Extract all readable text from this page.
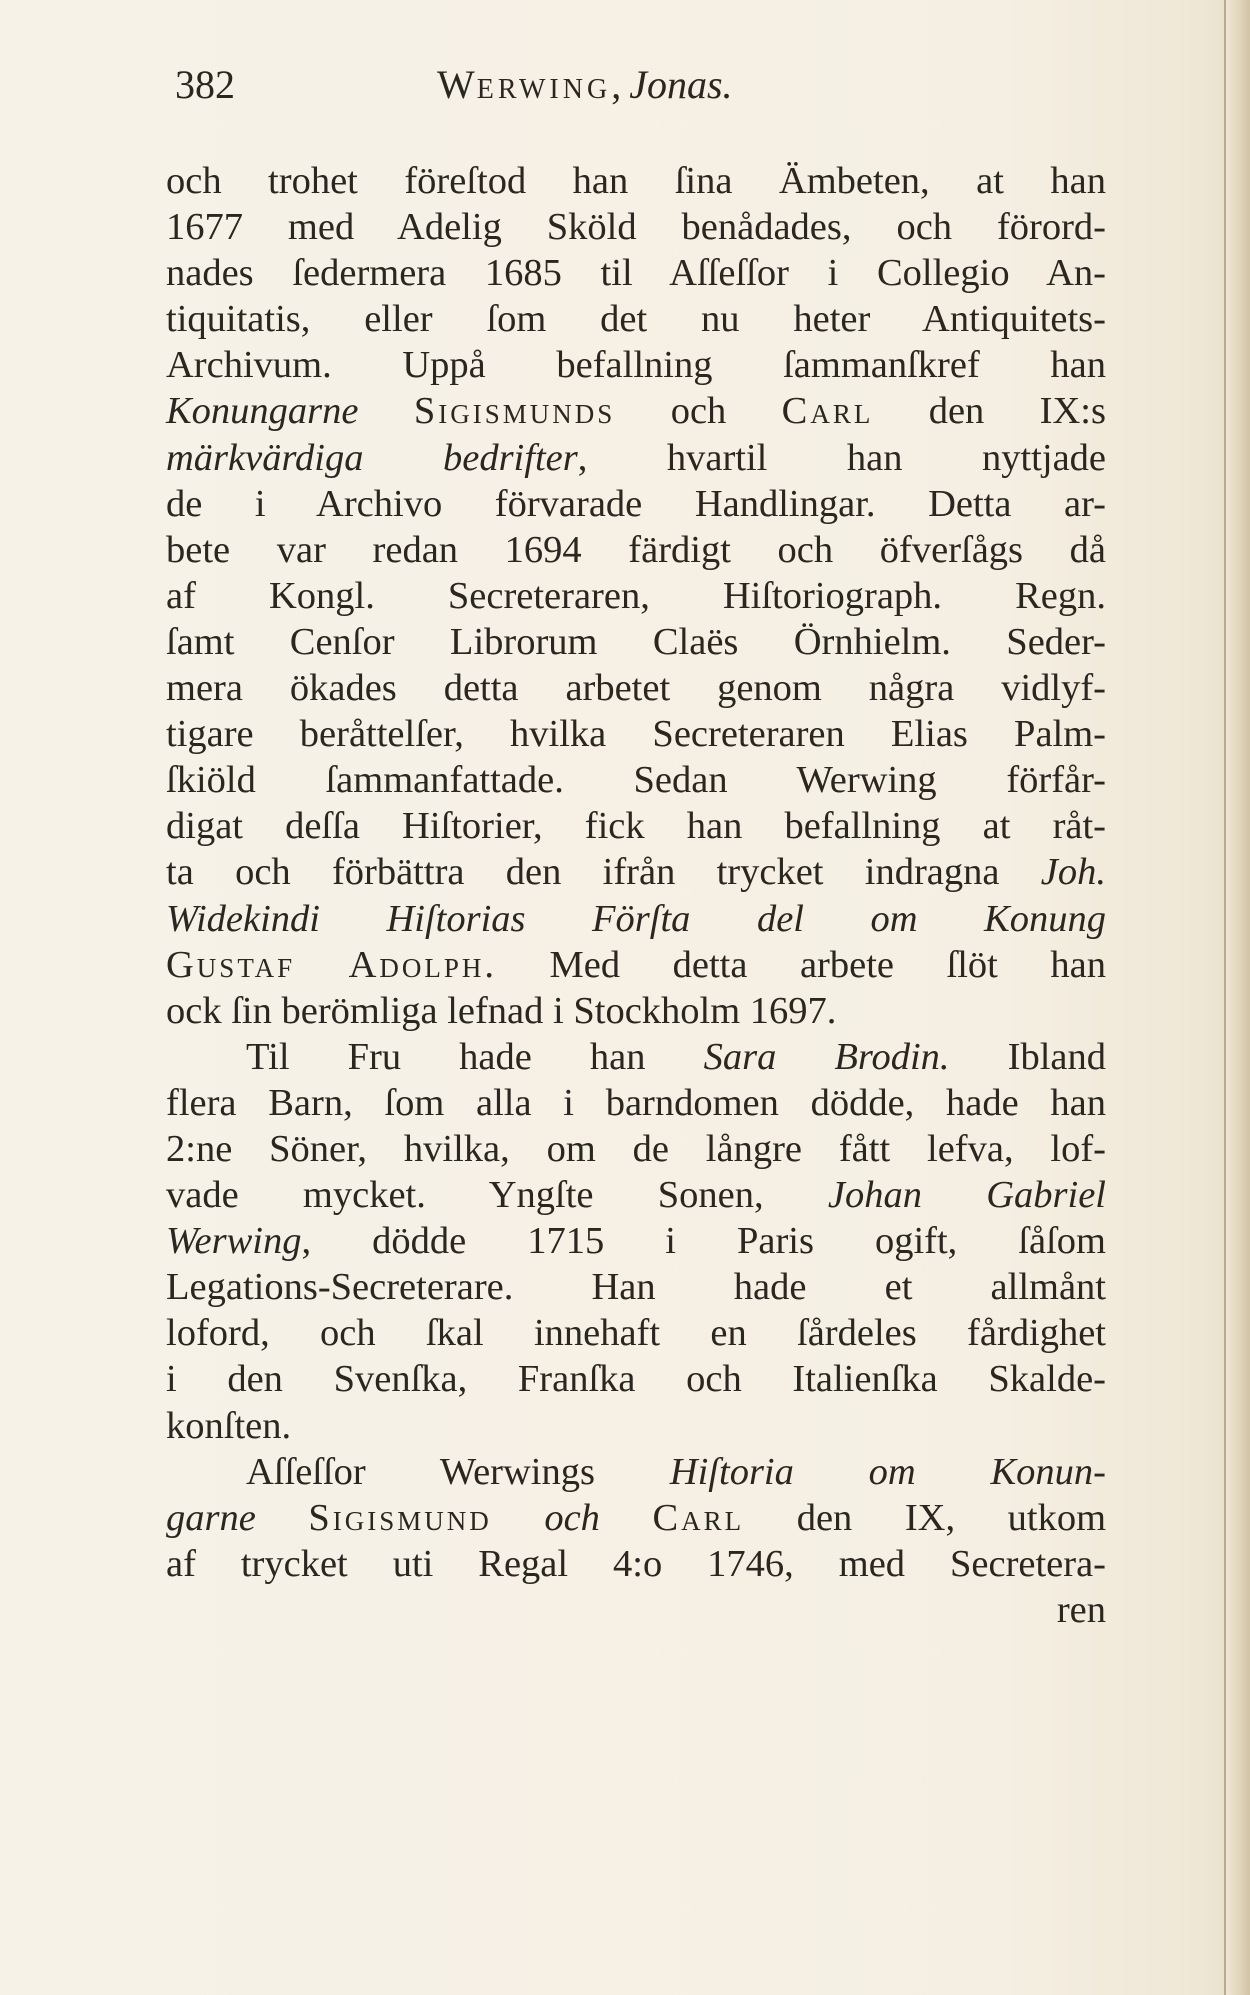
382	WERWING, Jonas.
och trohet föreſtod han ſina Ämbeten, at han
1677 med Adelig Sköld benådades, och förord-
nades ſedermera 1685 til Aſſeſſor i Collegio An-
tiquitatis, eller ſom det nu heter Antiquitets-
Archivum. Uppå befallning ſammanſkref han
Konungarne Sigismunds och Carl den IX:s
märkvärdiga bedrifter, hvartil han nyttjade
de i Archivo förvarade Handlingar. Detta ar-
bete var redan 1694 färdigt och öfverſågs då
af Kongl. Secreteraren, Hiſtoriograph. Regn.
ſamt Cenſor Librorum Claës Örnhielm. Seder-
mera ökades detta arbetet genom några vidlyf-
tigare beråttelſer, hvilka Secreteraren Elias Palm-
ſkiöld ſammanfattade. Sedan Werwing förfår-
digat deſſa Hiſtorier, fick han befallning at råt-
ta och förbättra den ifrån trycket indragna Joh.
Widekindi Hiſtorias Förſta del om Konung
Gustaf Adolph. Med detta arbete ſlöt han
ock ſin berömliga lefnad i Stockholm 1697.
Til Fru hade han Sara Brodin. Ibland
flera Barn, ſom alla i barndomen dödde, hade han
2:ne Söner, hvilka, om de långre fått lefva, lof-
vade mycket. Yngſte Sonen, Johan Gabriel
Werwing, dödde 1715 i Paris ogift, ſåſom
Legations-Secreterare. Han hade et allmånt
loford, och ſkal innehaft en ſårdeles fårdighet
i den Svenſka, Franſka och Italienſka Skalde-
konſten.
Aſſeſſor Werwings Hiſtoria om Konun-
garne Sigismund och Carl den IX, utkom
af trycket uti Regal 4:o 1746, med Secretera-
ren
